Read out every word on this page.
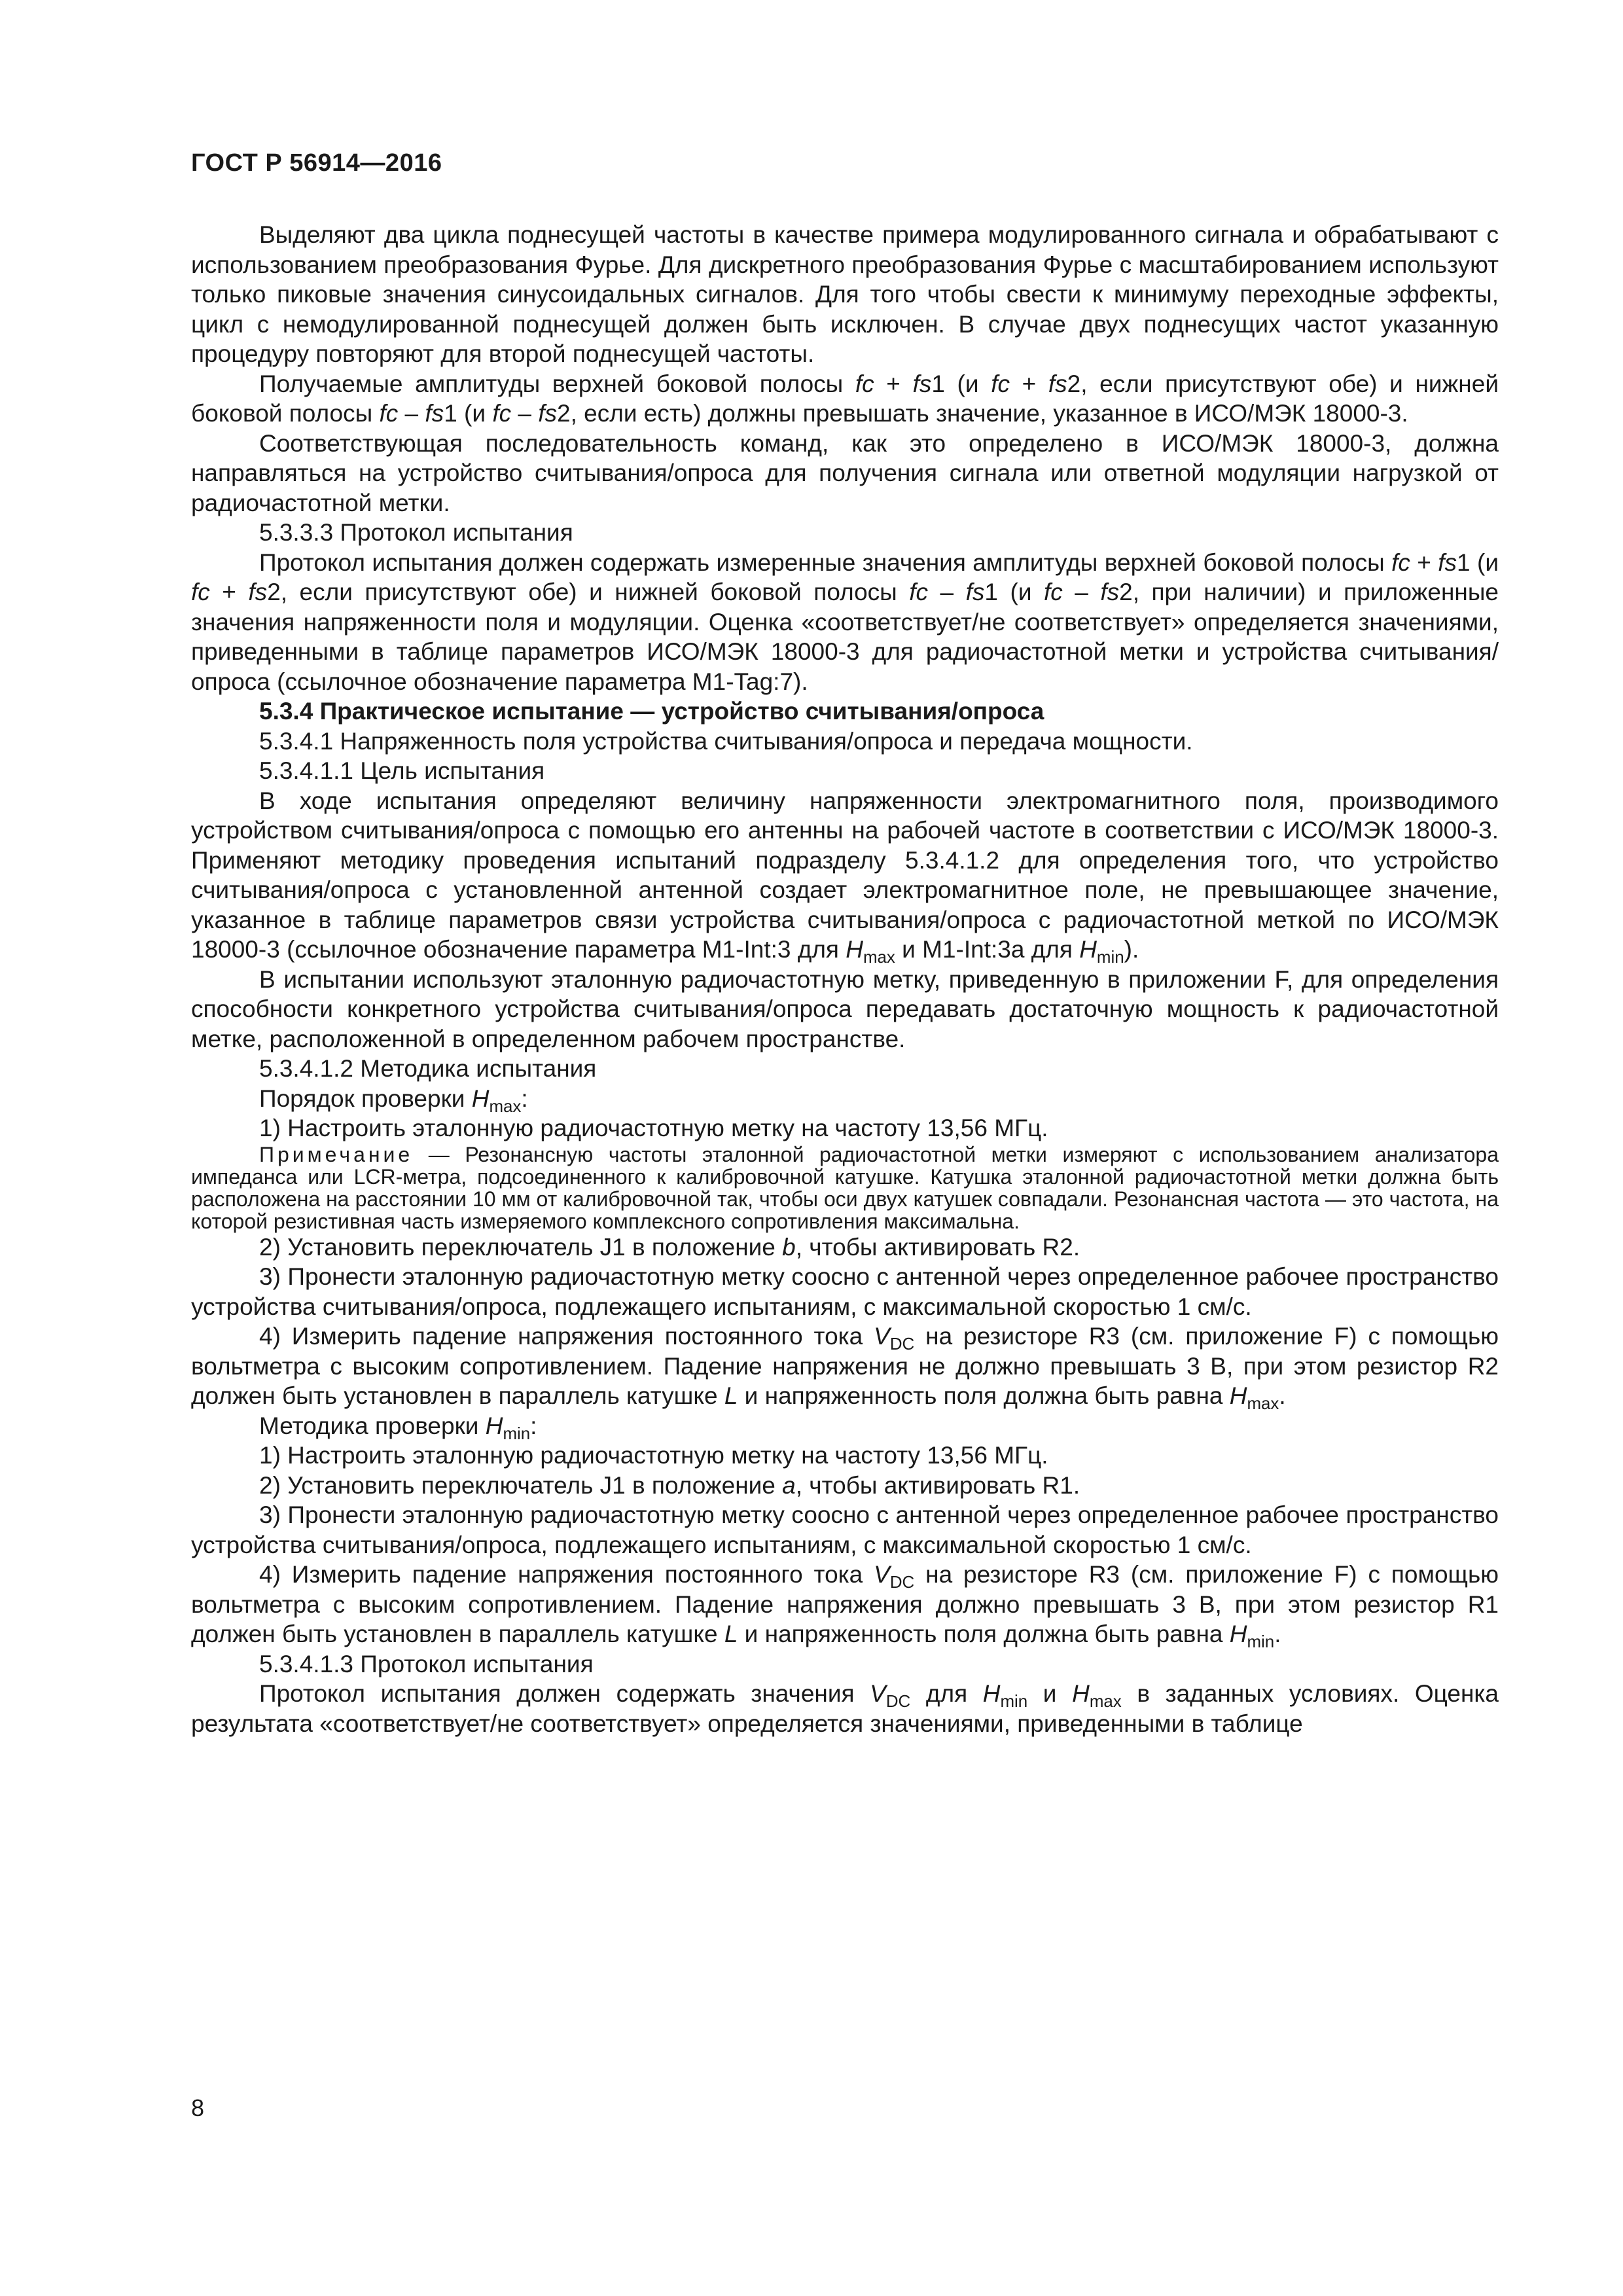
ГОСТ Р 56914—2016

Выделяют два цикла поднесущей частоты в качестве примера модулированного сигнала и обрабатывают с использованием преобразования Фурье. Для дискретного преобразования Фурье с масштабированием используют только пиковые значения синусоидальных сигналов. Для того чтобы свести к минимуму переходные эффекты, цикл с немодулированной поднесущей должен быть исключен. В случае двух поднесущих частот указанную процедуру повторяют для второй поднесущей частоты.

Получаемые амплитуды верхней боковой полосы fc + fs1 (и fc + fs2, если присутствуют обе) и нижней боковой полосы fc – fs1 (и fc – fs2, если есть) должны превышать значение, указанное в ИСО/МЭК 18000-3.

Соответствующая последовательность команд, как это определено в ИСО/МЭК 18000-3, должна направляться на устройство считывания/опроса для получения сигнала или ответной модуляции нагрузкой от радиочастотной метки.

5.3.3.3 Протокол испытания

Протокол испытания должен содержать измеренные значения амплитуды верхней боковой полосы fc + fs1 (и fc + fs2, если присутствуют обе) и нижней боковой полосы fc – fs1 (и fc – fs2, при наличии) и приложенные значения напряженности поля и модуляции. Оценка «соответствует/не соответствует» определяется значениями, приведенными в таблице параметров ИСО/МЭК 18000-3 для радиочастотной метки и устройства считывания/опроса (ссылочное обозначение параметра M1-Tag:7).

5.3.4 Практическое испытание — устройство считывания/опроса

5.3.4.1 Напряженность поля устройства считывания/опроса и передача мощности.

5.3.4.1.1 Цель испытания

В ходе испытания определяют величину напряженности электромагнитного поля, производимого устройством считывания/опроса с помощью его антенны на рабочей частоте в соответствии с ИСО/МЭК 18000-3. Применяют методику проведения испытаний подразделу 5.3.4.1.2 для определения того, что устройство считывания/опроса с установленной антенной создает электромагнитное поле, не превышающее значение, указанное в таблице параметров связи устройства считывания/опроса с радиочастотной меткой по ИСО/МЭК 18000-3 (ссылочное обозначение параметра M1-Int:3 для $H_{max}$ и M1-Int:3a для $H_{min}$).

В испытании используют эталонную радиочастотную метку, приведенную в приложении F, для определения способности конкретного устройства считывания/опроса передавать достаточную мощность к радиочастотной метке, расположенной в определенном рабочем пространстве.

5.3.4.1.2 Методика испытания

Порядок проверки $H_{max}$:

1) Настроить эталонную радиочастотную метку на частоту 13,56 МГц.

Примечание — Резонансную частоты эталонной радиочастотной метки измеряют с использованием анализатора импеданса или LCR-метра, подсоединенного к калибровочной катушке. Катушка эталонной радиочастотной метки должна быть расположена на расстоянии 10 мм от калибровочной так, чтобы оси двух катушек совпадали. Резонансная частота — это частота, на которой резистивная часть измеряемого комплексного сопротивления максимальна.

2) Установить переключатель J1 в положение b, чтобы активировать R2.

3) Пронести эталонную радиочастотную метку соосно с антенной через определенное рабочее пространство устройства считывания/опроса, подлежащего испытаниям, с максимальной скоростью 1 см/с.

4) Измерить падение напряжения постоянного тока $V_{DC}$ на резисторе R3 (см. приложение F) с помощью вольтметра с высоким сопротивлением. Падение напряжения не должно превышать 3 В, при этом резистор R2 должен быть установлен в параллель катушке L и напряженность поля должна быть равна $H_{max}$.

Методика проверки $H_{min}$:

1) Настроить эталонную радиочастотную метку на частоту 13,56 МГц.

2) Установить переключатель J1 в положение a, чтобы активировать R1.

3) Пронести эталонную радиочастотную метку соосно с антенной через определенное рабочее пространство устройства считывания/опроса, подлежащего испытаниям, с максимальной скоростью 1 см/с.

4) Измерить падение напряжения постоянного тока $V_{DC}$ на резисторе R3 (см. приложение F) с помощью вольтметра с высоким сопротивлением. Падение напряжения должно превышать 3 В, при этом резистор R1 должен быть установлен в параллель катушке L и напряженность поля должна быть равна $H_{min}$.

5.3.4.1.3 Протокол испытания

Протокол испытания должен содержать значения $V_{DC}$ для $H_{min}$ и $H_{max}$ в заданных условиях. Оценка результата «соответствует/не соответствует» определяется значениями, приведенными в таблице

8
